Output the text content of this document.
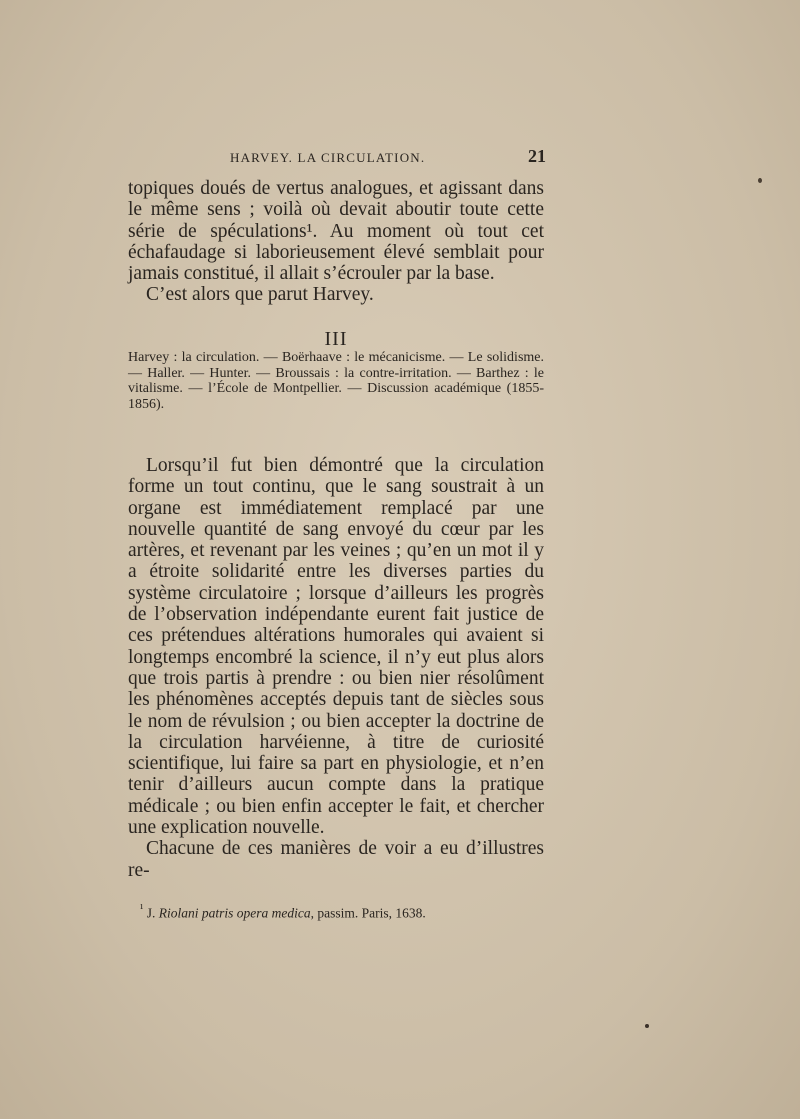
HARVEY. LA CIRCULATION.	21

topiques doués de vertus analogues, et agissant dans le même sens ; voilà où devait aboutir toute cette série de spéculations¹. Au moment où tout cet échafaudage si laborieusement élevé semblait pour jamais constitué, il allait s’écrouler par la base.

C’est alors que parut Harvey.

III
Harvey : la circulation. — Boërhaave : le mécanicisme. — Le solidisme. — Haller. — Hunter. — Broussais : la contre-irritation. — Barthez : le vitalisme. — l’École de Montpellier. — Discussion académique (1855-1856).

Lorsqu’il fut bien démontré que la circulation forme un tout continu, que le sang soustrait à un organe est immédiatement remplacé par une nouvelle quantité de sang envoyé du cœur par les artères, et revenant par les veines ; qu’en un mot il y a étroite solidarité entre les diverses parties du système circulatoire ; lorsque d’ailleurs les progrès de l’observation indépendante eurent fait justice de ces prétendues altérations humorales qui avaient si longtemps encombré la science, il n’y eut plus alors que trois partis à prendre : ou bien nier résolûment les phénomènes acceptés depuis tant de siècles sous le nom de révulsion ; ou bien accepter la doctrine de la circulation harvéienne, à titre de curiosité scientifique, lui faire sa part en physiologie, et n’en tenir d’ailleurs aucun compte dans la pratique médicale ; ou bien enfin accepter le fait, et chercher une explication nouvelle.

Chacune de ces manières de voir a eu d’illustres re-

$^{^1}$ J. Riolani patris opera medica, passim. Paris, 1638.
